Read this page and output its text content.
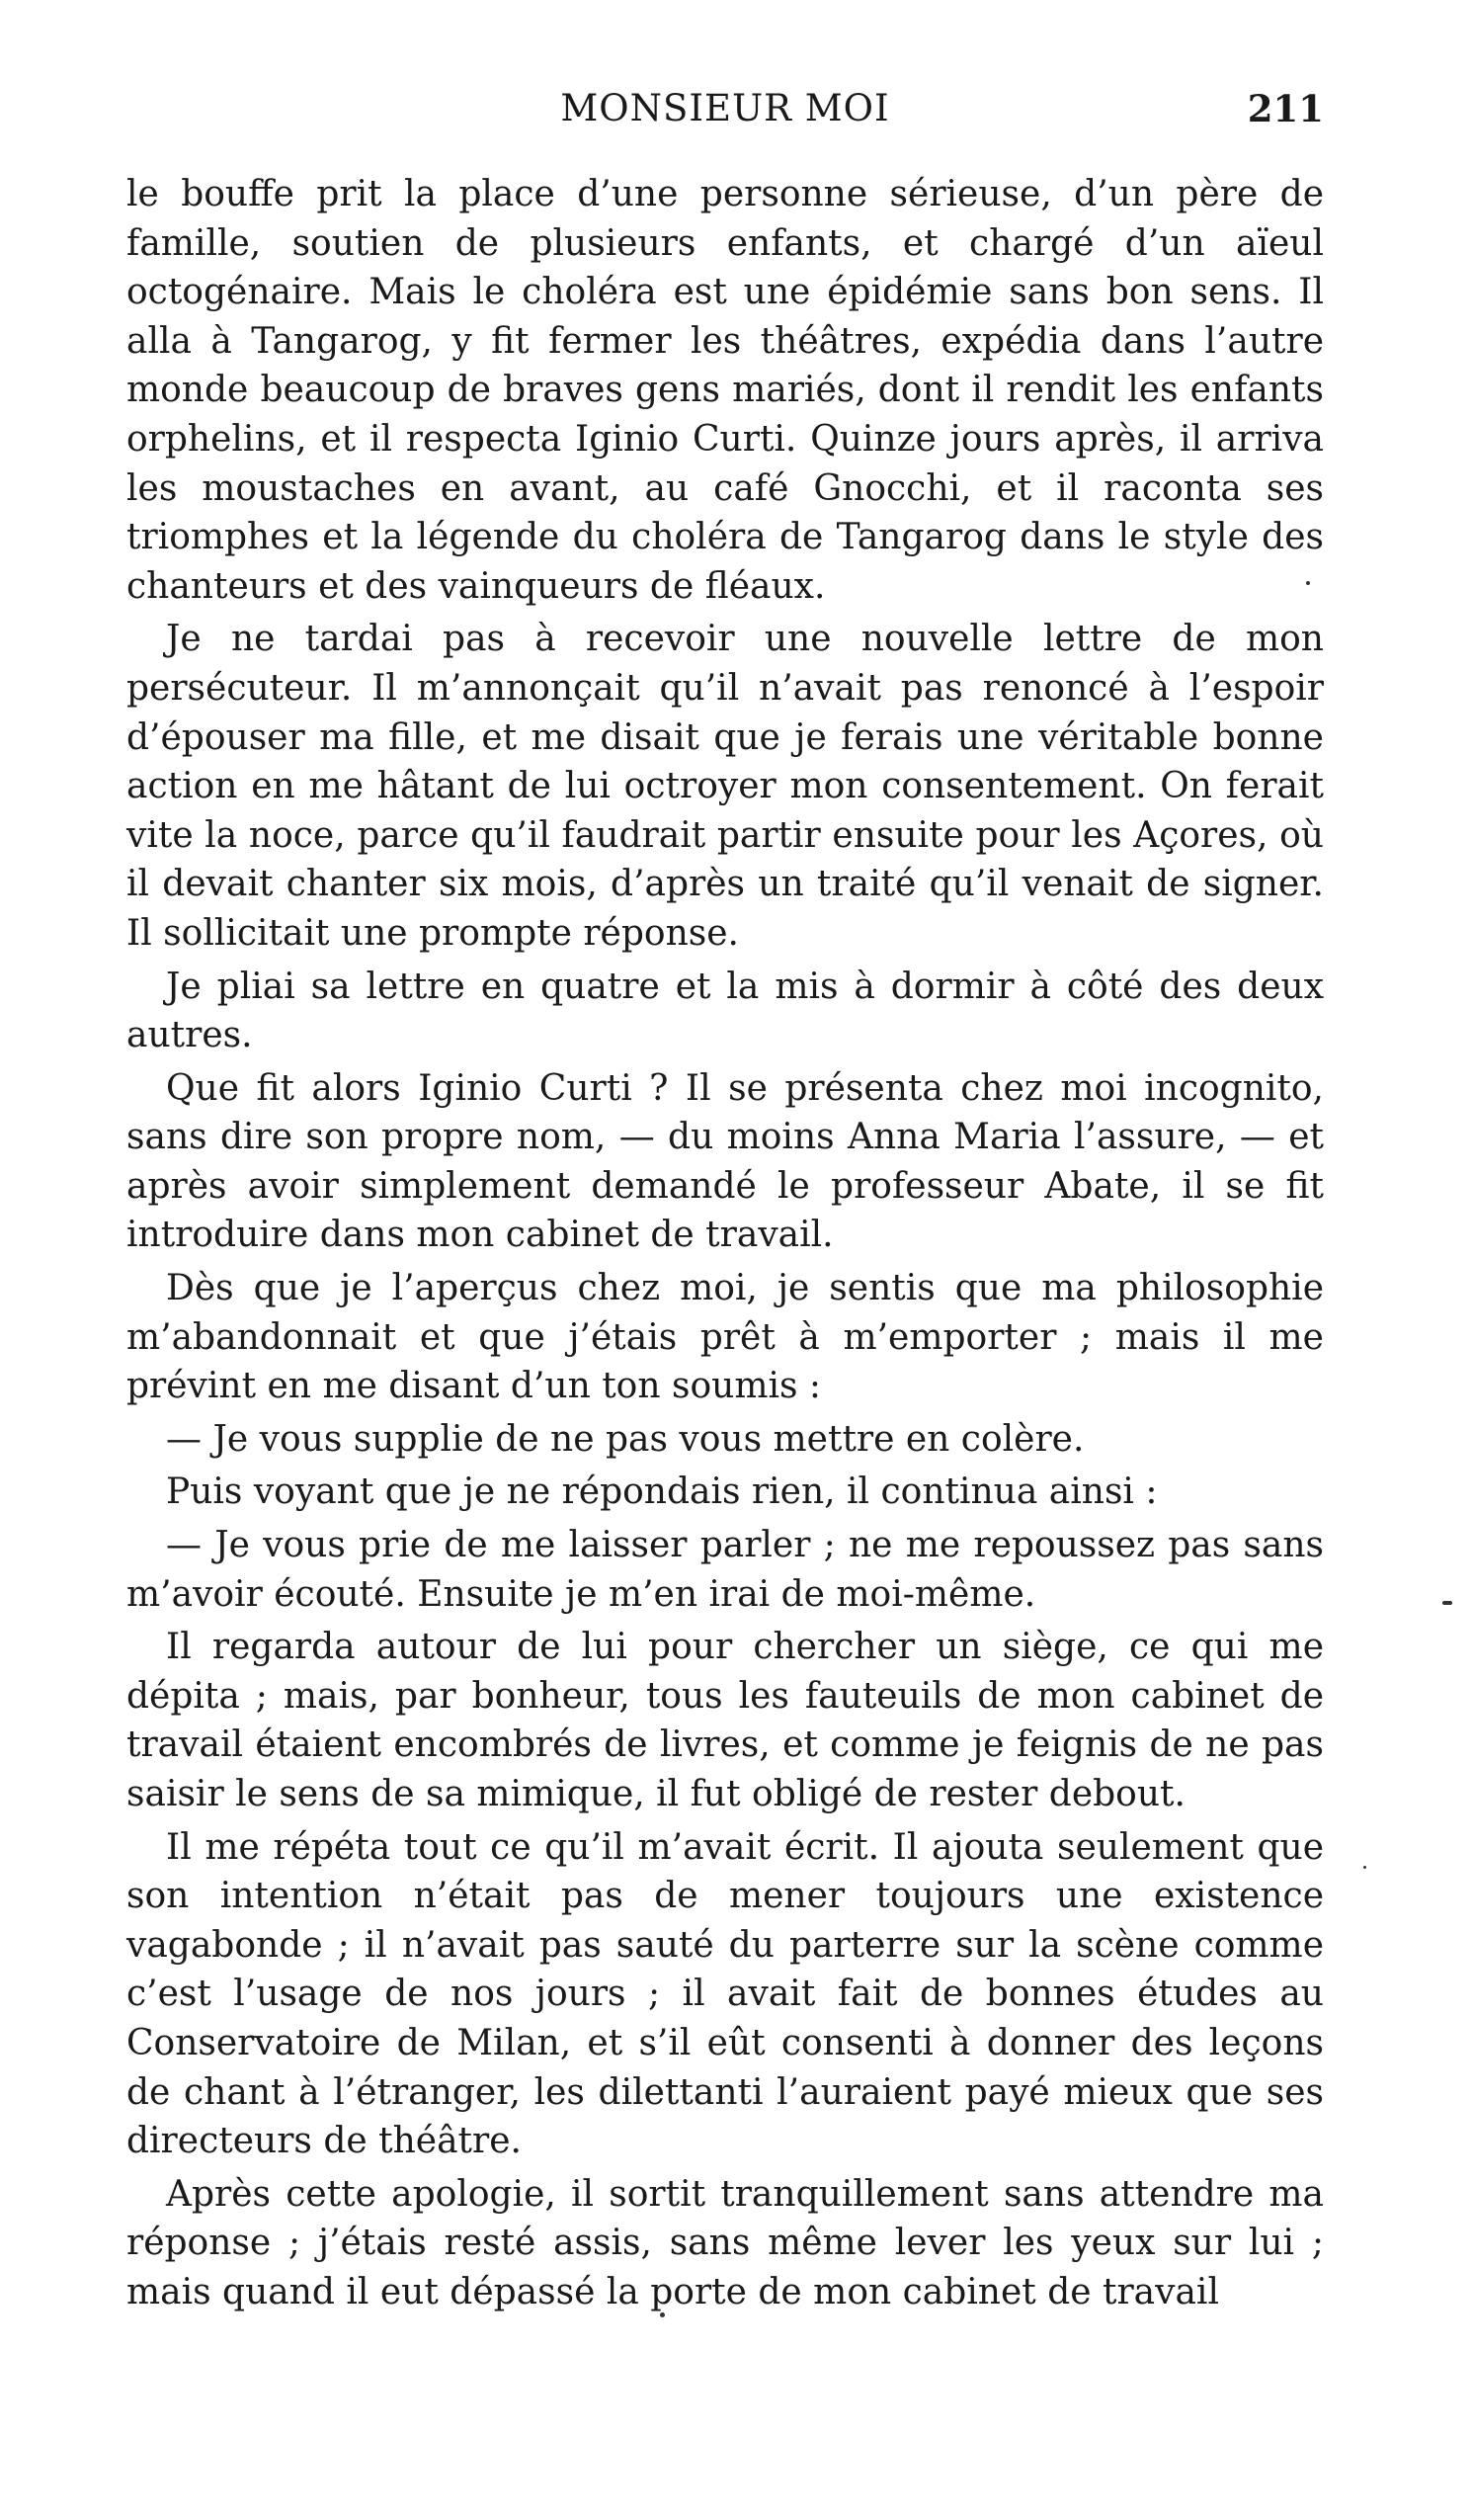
MONSIEUR MOI	211

le bouffe prit la place d’une personne sérieuse, d’un père de famille, soutien de plusieurs enfants, et chargé d’un aïeul octogénaire. Mais le choléra est une épidémie sans bon sens. Il alla à Tangarog, y fit fermer les théâtres, expédia dans l’autre monde beaucoup de braves gens mariés, dont il rendit les enfants orphelins, et il respecta Iginio Curti. Quinze jours après, il arriva les moustaches en avant, au café Gnocchi, et il raconta ses triomphes et la légende du choléra de Tangarog dans le style des chanteurs et des vainqueurs de fléaux.

Je ne tardai pas à recevoir une nouvelle lettre de mon persécuteur. Il m’annonçait qu’il n’avait pas renoncé à l’espoir d’épouser ma fille, et me disait que je ferais une véritable bonne action en me hâtant de lui octroyer mon consentement. On ferait vite la noce, parce qu’il faudrait partir ensuite pour les Açores, où il devait chanter six mois, d’après un traité qu’il venait de signer. Il sollicitait une prompte réponse.

Je pliai sa lettre en quatre et la mis à dormir à côté des deux autres.

Que fit alors Iginio Curti ? Il se présenta chez moi incognito, sans dire son propre nom, — du moins Anna Maria l’assure, — et après avoir simplement demandé le professeur Abate, il se fit introduire dans mon cabinet de travail.

Dès que je l’aperçus chez moi, je sentis que ma philosophie m’abandonnait et que j’étais prêt à m’emporter ; mais il me prévint en me disant d’un ton soumis :

— Je vous supplie de ne pas vous mettre en colère.

Puis voyant que je ne répondais rien, il continua ainsi :

— Je vous prie de me laisser parler ; ne me repoussez pas sans m’avoir écouté. Ensuite je m’en irai de moi-même.

Il regarda autour de lui pour chercher un siège, ce qui me dépita ; mais, par bonheur, tous les fauteuils de mon cabinet de travail étaient encombrés de livres, et comme je feignis de ne pas saisir le sens de sa mimique, il fut obligé de rester debout.

Il me répéta tout ce qu’il m’avait écrit. Il ajouta seulement que son intention n’était pas de mener toujours une existence vagabonde ; il n’avait pas sauté du parterre sur la scène comme c’est l’usage de nos jours ; il avait fait de bonnes études au Conservatoire de Milan, et s’il eût consenti à donner des leçons de chant à l’étranger, les dilettanti l’auraient payé mieux que ses directeurs de théâtre.

Après cette apologie, il sortit tranquillement sans attendre ma réponse ; j’étais resté assis, sans même lever les yeux sur lui ; mais quand il eut dépassé la porte de mon cabinet de travail
